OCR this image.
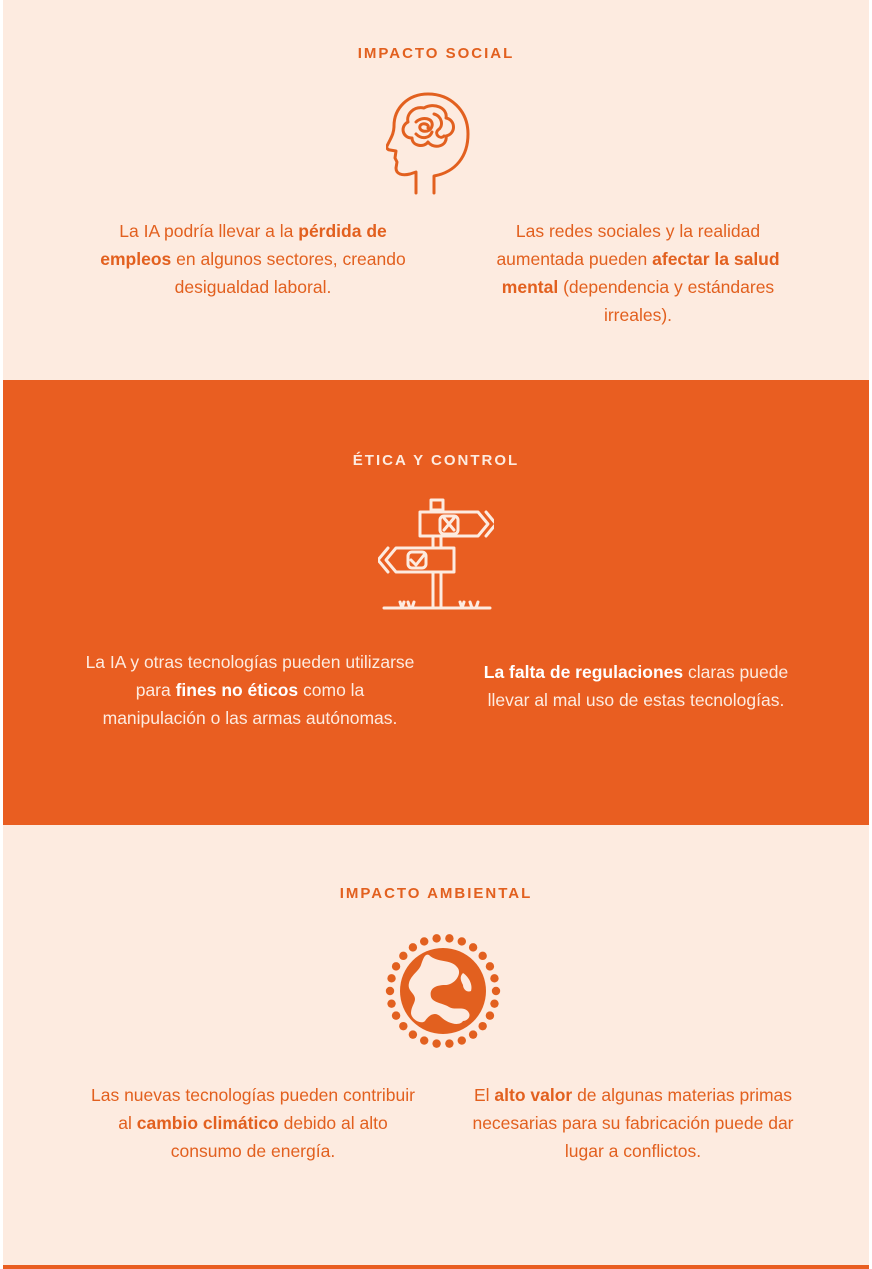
IMPACTO SOCIAL
La IA podría llevar a la pérdida de empleos en algunos sectores, creando desigualdad laboral.
Las redes sociales y la realidad aumentada pueden afectar la salud mental (dependencia y estándares irreales).
ÉTICA Y CONTROL
La IA y otras tecnologías pueden utilizarse para fines no éticos como la manipulación o las armas autónomas.
La falta de regulaciones claras puede llevar al mal uso de estas tecnologías.
IMPACTO AMBIENTAL
Las nuevas tecnologías pueden contribuir al cambio climático debido al alto consumo de energía.
El alto valor de algunas materias primas necesarias para su fabricación puede dar lugar a conflictos.
